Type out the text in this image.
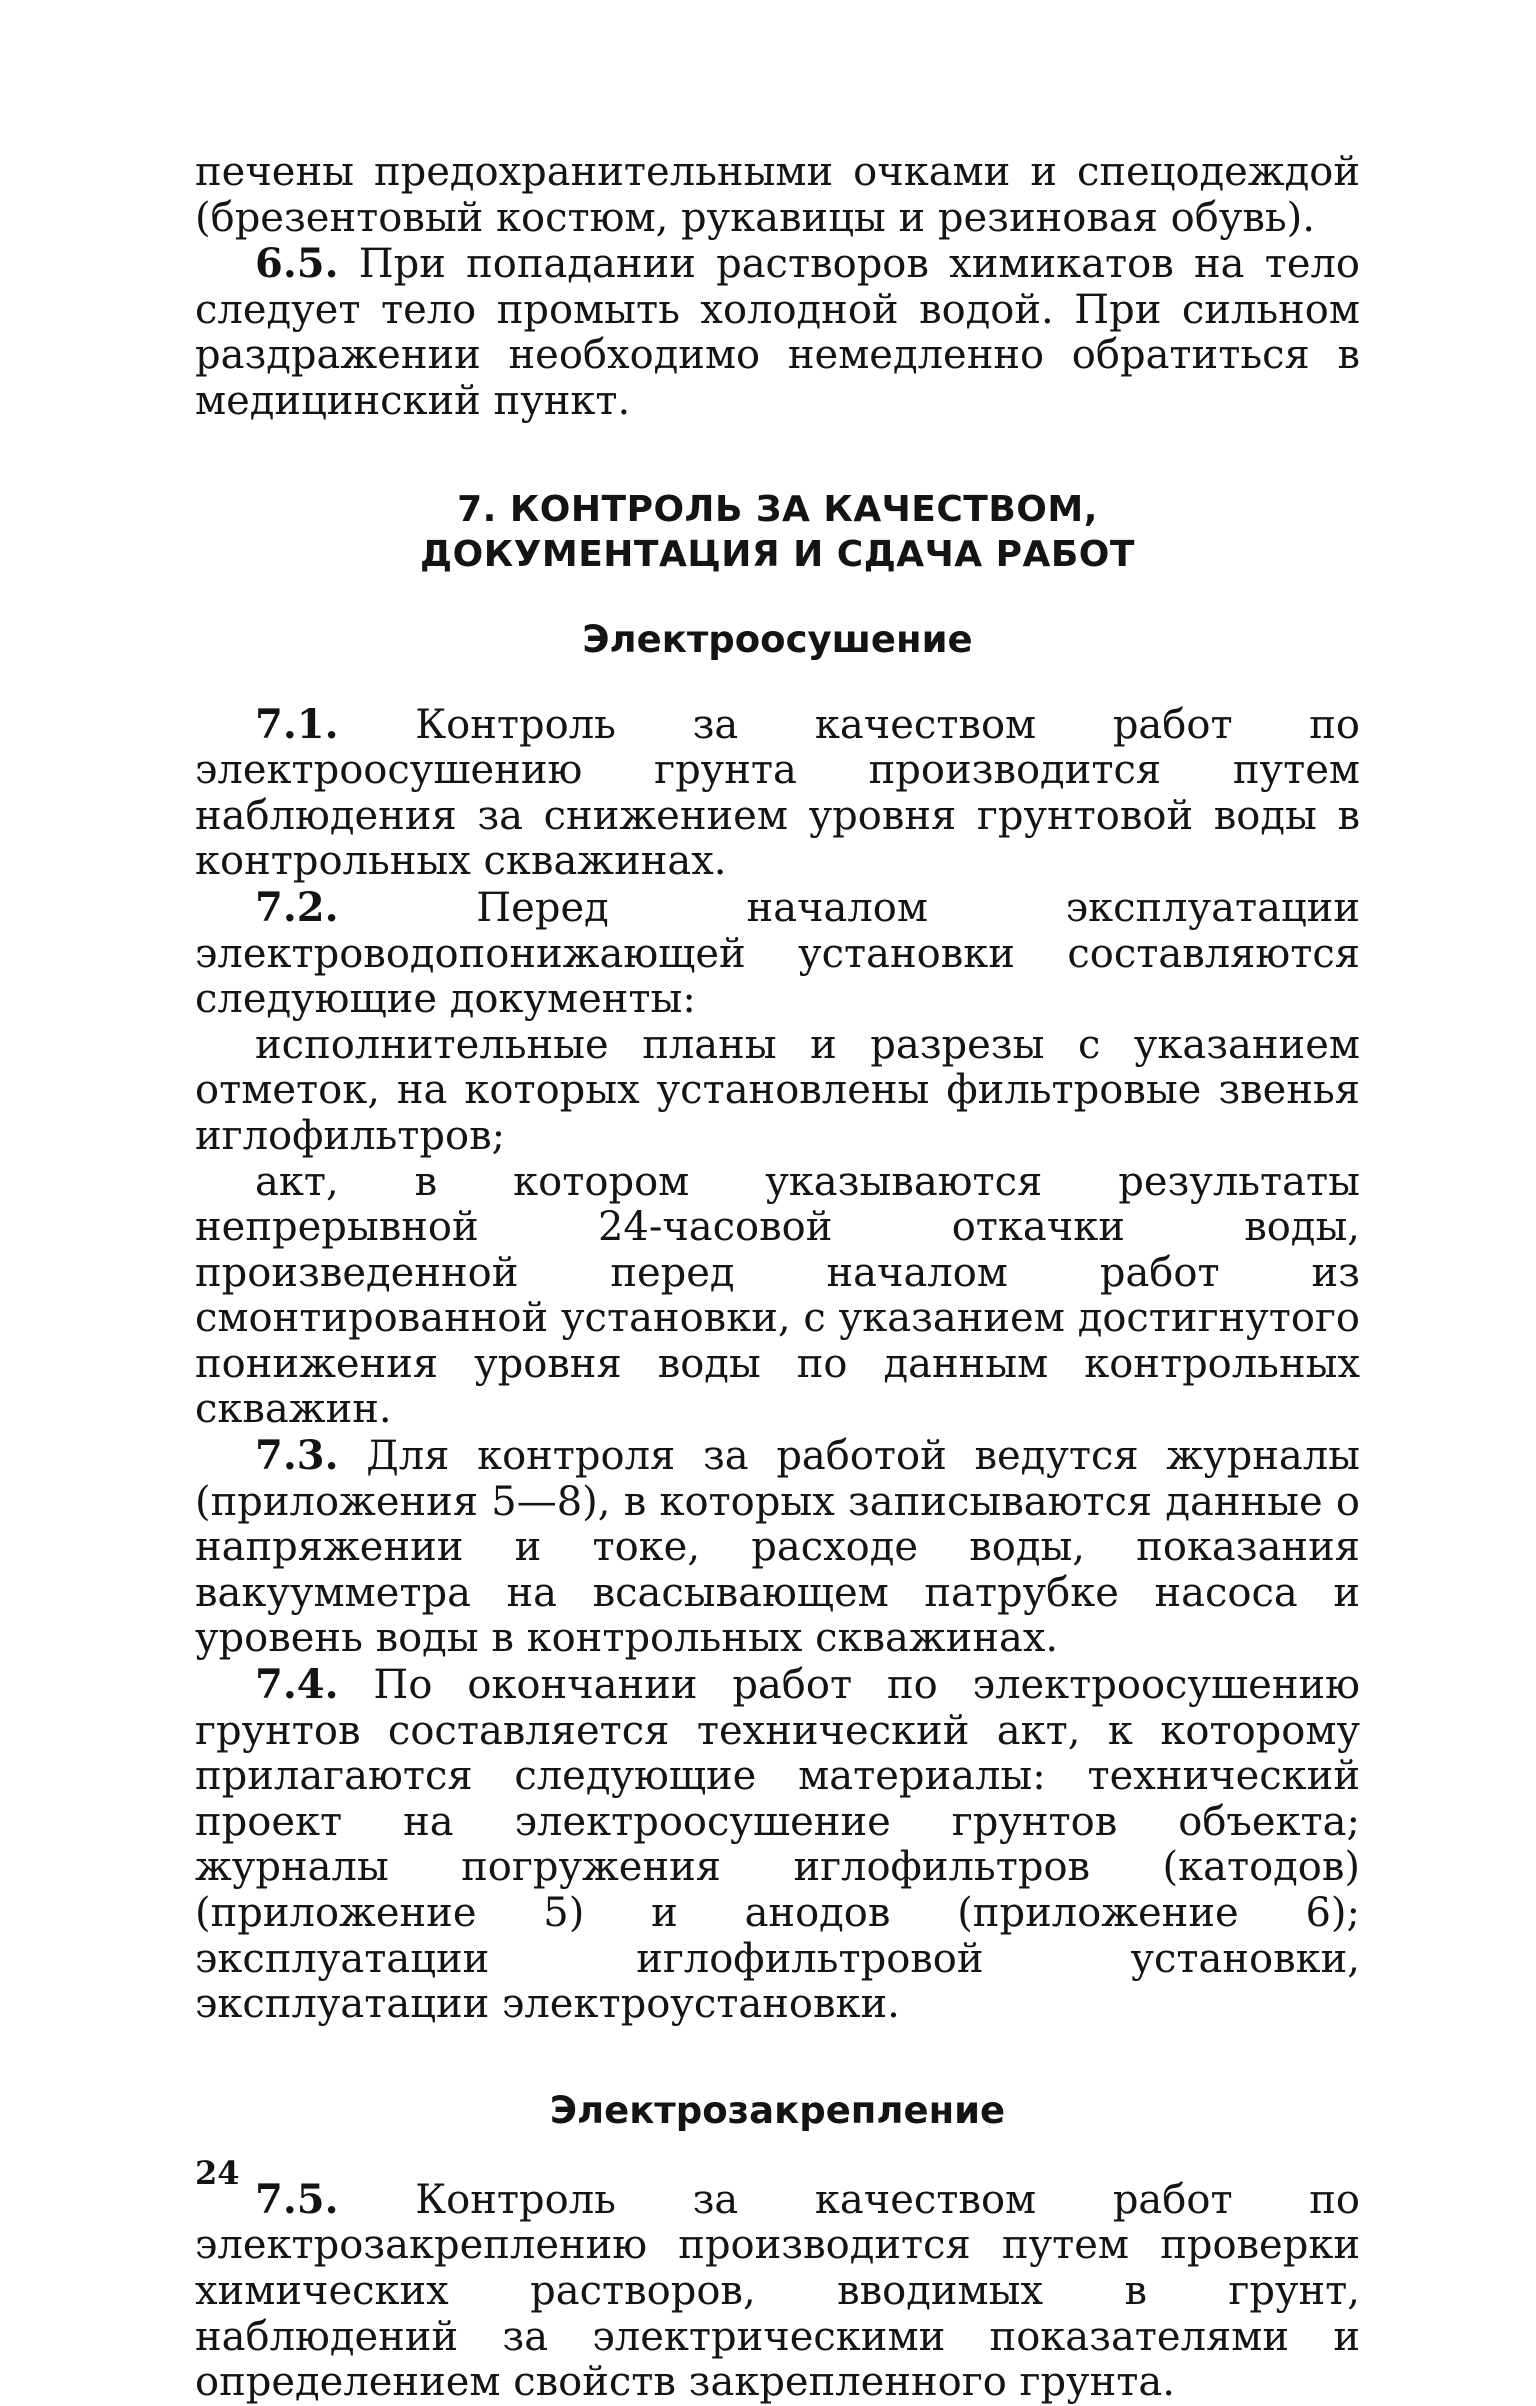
печены предохранительными очками и спецодеждой (брезентовый костюм, рукавицы и резиновая обувь).

6.5. При попадании растворов химикатов на тело следует тело промыть холодной водой. При сильном раздражении необходимо немедленно обратиться в медицинский пункт.

7. КОНТРОЛЬ ЗА КАЧЕСТВОМ,
ДОКУМЕНТАЦИЯ И СДАЧА РАБОТ
Электроосушение

7.1. Контроль за качеством работ по электроосушению грунта производится путем наблюдения за снижением уровня грунтовой воды в контрольных скважинах.

7.2. Перед началом эксплуатации электроводопонижающей установки составляются следующие документы:

исполнительные планы и разрезы с указанием отметок, на которых установлены фильтровые звенья иглофильтров;

акт, в котором указываются результаты непрерывной 24-часовой откачки воды, произведенной перед началом работ из смонтированной установки, с указанием достигнутого понижения уровня воды по данным контрольных скважин.

7.3. Для контроля за работой ведутся журналы (приложения 5—8), в которых записываются данные о напряжении и токе, расходе воды, показания вакуумметра на всасывающем патрубке насоса и уровень воды в контрольных скважинах.

7.4. По окончании работ по электроосушению грунтов составляется технический акт, к которому прилагаются следующие материалы: технический проект на электроосушение грунтов объекта; журналы погружения иглофильтров (катодов) (приложение 5) и анодов (приложение 6); эксплуатации иглофильтровой установки, эксплуатации электроустановки.

Электрозакрепление

7.5. Контроль за качеством работ по электрозакреплению производится путем проверки химических растворов, вводимых в грунт, наблюдений за электрическими показателями и определением свойств закрепленного грунта.

24
